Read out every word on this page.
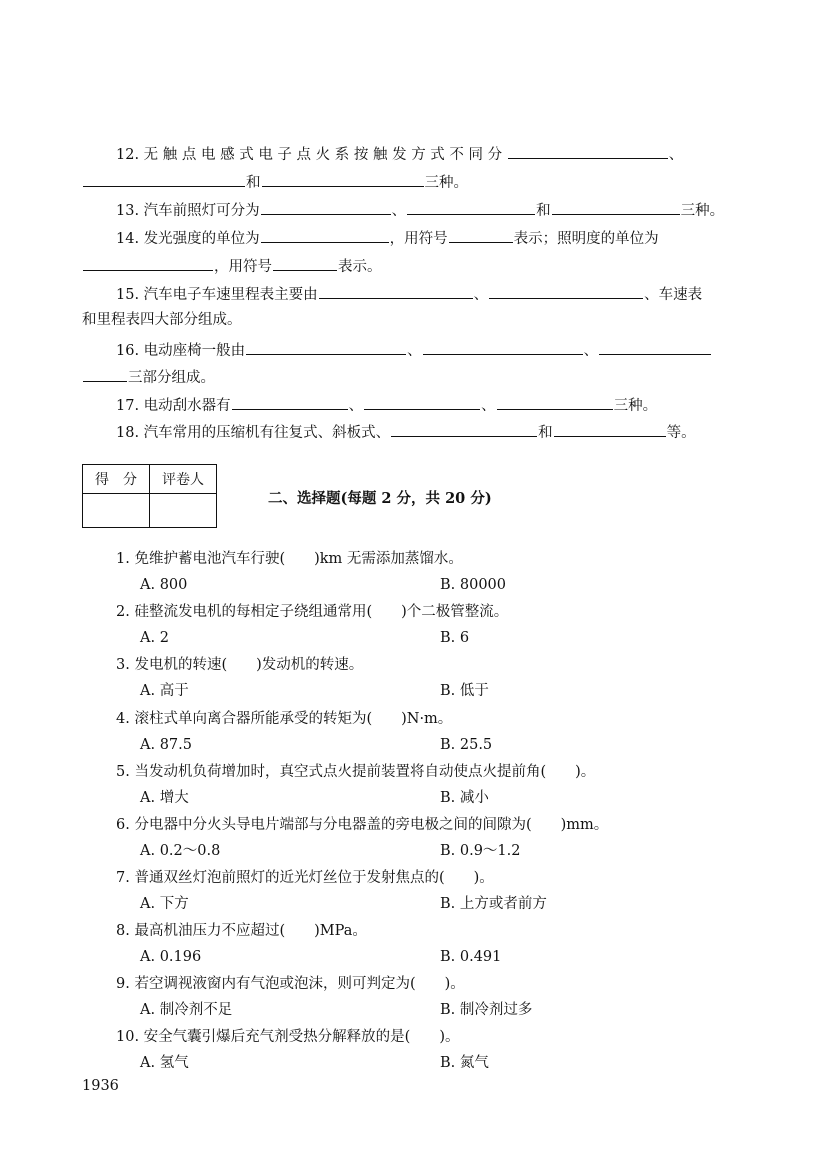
12. 无 触 点 电 感 式 电 子 点 火 系 按 触 发 方 式 不 同 分	、
和	三种。
13. 汽车前照灯可分为	、	和	三种。
14. 发光强度的单位为	，用符号	表示；照明度的单位为
，用符号	表示。
15. 汽车电子车速里程表主要由	、	、车速表
和里程表四大部分组成。
16. 电动座椅一般由	、	、
三部分组成。
17. 电动刮水器有	、	、	三种。
18. 汽车常用的压缩机有往复式、斜板式、	和	等。
得　分	评卷人

二、选择题(每题 2 分，共 20 分)
1. 免维护蓄电池汽车行驶(　　)km 无需添加蒸馏水。
A. 800	B. 80000
2. 硅整流发电机的每相定子绕组通常用(　　)个二极管整流。
A. 2	B. 6
3. 发电机的转速(　　)发动机的转速。
A. 高于	B. 低于
4. 滚柱式单向离合器所能承受的转矩为(　　)N·m。
A. 87.5	B. 25.5
5. 当发动机负荷增加时，真空式点火提前装置将自动使点火提前角(　　)。
A. 增大	B. 减小
6. 分电器中分火头导电片端部与分电器盖的旁电极之间的间隙为(　　)mm。
A. 0.2～0.8	B. 0.9～1.2
7. 普通双丝灯泡前照灯的近光灯丝位于发射焦点的(　　)。
A. 下方	B. 上方或者前方
8. 最高机油压力不应超过(　　)MPa。
A. 0.196	B. 0.491
9. 若空调视液窗内有气泡或泡沫，则可判定为(　　)。
A. 制冷剂不足	B. 制冷剂过多
10. 安全气囊引爆后充气剂受热分解释放的是(　　)。
A. 氢气	B. 氮气
1936
